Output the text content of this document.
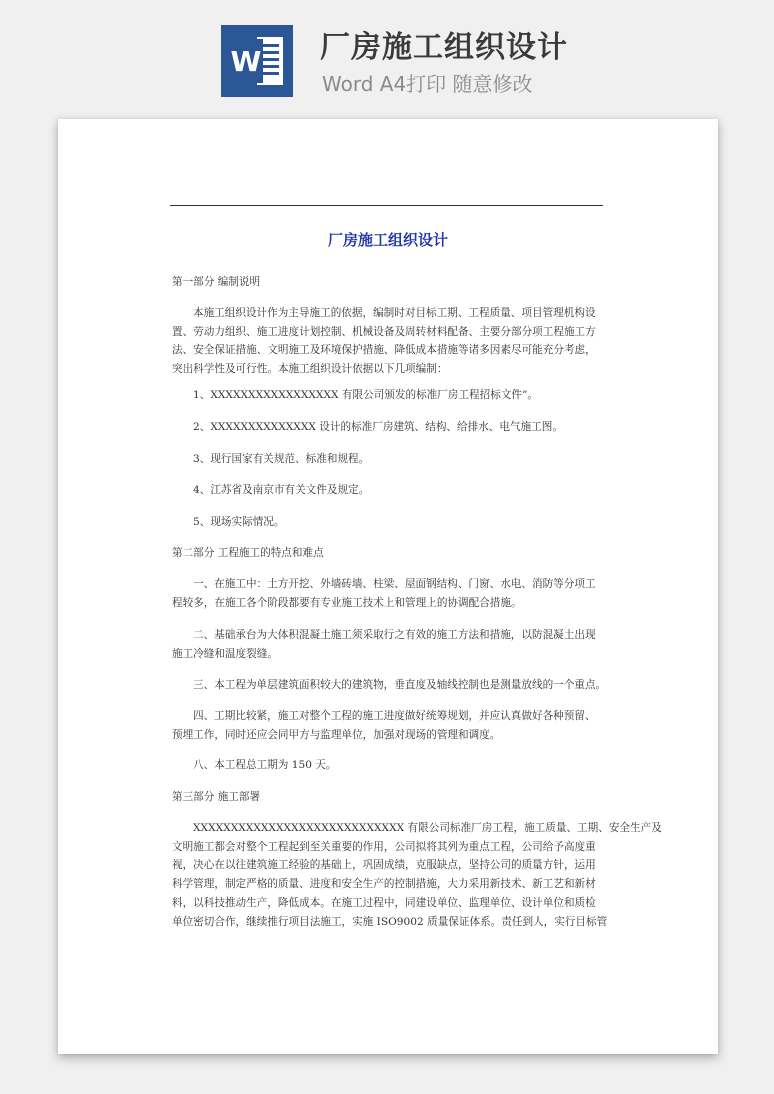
W 厂房施工组织设计
Word A4打印 随意修改
​
厂房施工组织设计
第一部分 编制说明
本施工组织设计作为主导施工的依据，编制时对目标工期、工程质量、项目管理机构设
置、劳动力组织、施工进度计划控制、机械设备及周转材料配备、主要分部分项工程施工方
法、安全保证措施、文明施工及环境保护措施、降低成本措施等诸多因素尽可能充分考虑，
突出科学性及可行性。本施工组织设计依据以下几项编制：
1、XXXXXXXXXXXXXXXXX 有限公司颁发的标准厂房工程招标文件”。
2、XXXXXXXXXXXXXX 设计的标准厂房建筑、结构、给排水、电气施工图。
3、现行国家有关规范、标准和规程。
4、江苏省及南京市有关文件及规定。
5、现场实际情况。
第二部分 工程施工的特点和难点
一、在施工中：土方开挖、外墙砖墙、柱梁、屋面钢结构、门窗、水电、消防等分项工
程较多，在施工各个阶段都要有专业施工技术上和管理上的协调配合措施。
二、基础承台为大体积混凝土施工须采取行之有效的施工方法和措施，以防混凝土出现
施工冷缝和温度裂缝。
三、本工程为单层建筑面积较大的建筑物，垂直度及轴线控制也是测量放线的一个重点。
四、工期比较紧，施工对整个工程的施工进度做好统筹规划，并应认真做好各种预留、
预埋工作，同时还应会同甲方与监理单位，加强对现场的管理和调度。
八、本工程总工期为 150 天。
第三部分 施工部署
XXXXXXXXXXXXXXXXXXXXXXXXXXXX 有限公司标准厂房工程，施工质量、工期、安全生产及
文明施工都会对整个工程起到至关重要的作用，公司拟将其列为重点工程，公司给予高度重
视，决心在以往建筑施工经验的基础上，巩固成绩，克服缺点，坚持公司的质量方针，运用
科学管理，制定严格的质量、进度和安全生产的控制措施，大力采用新技术、新工艺和新材
料，以科技推动生产，降低成本。在施工过程中，同建设单位、监理单位、设计单位和质检
单位密切合作，继续推行项目法施工，实施 ISO9002 质量保证体系。责任到人，实行目标管
